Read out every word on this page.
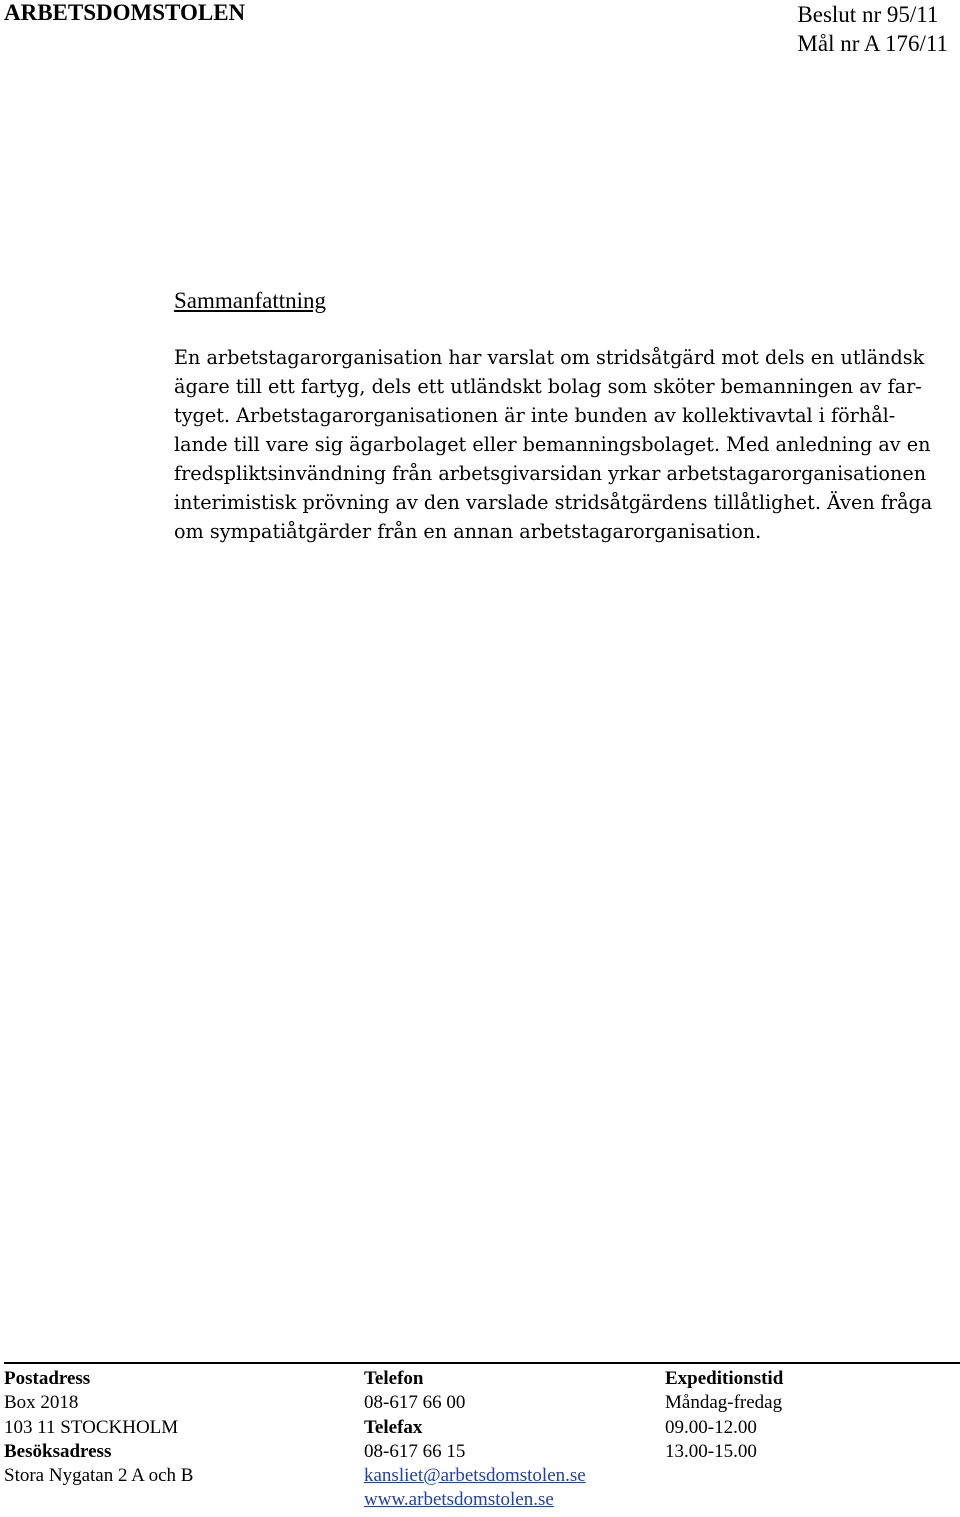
ARBETSDOMSTOLEN	Beslut nr 95/11
Mål nr A 176/11
Sammanfattning

En arbetstagarorganisation har varslat om stridsåtgärd mot dels en utländsk
ägare till ett fartyg, dels ett utländskt bolag som sköter bemanningen av far-
tyget. Arbetstagarorganisationen är inte bunden av kollektivavtal i förhål-
lande till vare sig ägarbolaget eller bemanningsbolaget. Med anledning av en
fredspliktsinvändning från arbetsgivarsidan yrkar arbetstagarorganisationen
interimistisk prövning av den varslade stridsåtgärdens tillåtlighet. Även fråga
om sympatiåtgärder från en annan arbetstagarorganisation.

Postadress
Box 2018
103 11 STOCKHOLM
Besöksadress
Stora Nygatan 2 A och B
Telefon
08-617 66 00
Telefax
08-617 66 15
kansliet@arbetsdomstolen.se
www.arbetsdomstolen.se
Expeditionstid
Måndag-fredag
09.00-12.00
13.00-15.00
